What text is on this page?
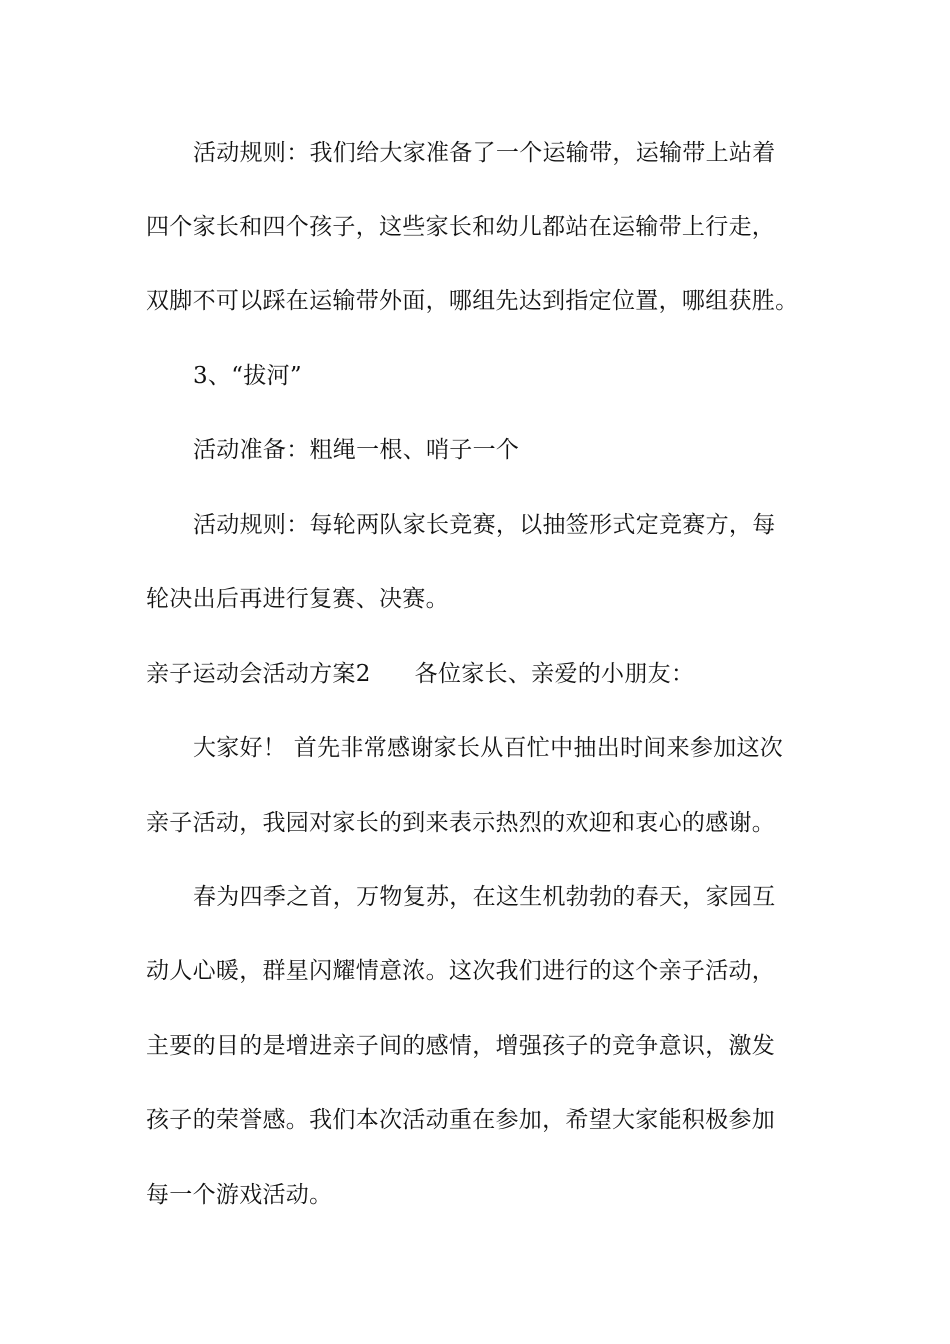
活动规则：我们给大家准备了一个运输带，运输带上站着
四个家长和四个孩子，这些家长和幼儿都站在运输带上行走，
双脚不可以踩在运输带外面，哪组先达到指定位置，哪组获胜。
3、“拔河”
活动准备：粗绳一根、哨子一个
活动规则：每轮两队家长竞赛，以抽签形式定竞赛方，每
轮决出后再进行复赛、决赛。
亲子运动会活动方案2 各位家长、亲爱的小朋友：
大家好！ 首先非常感谢家长从百忙中抽出时间来参加这次
亲子活动，我园对家长的到来表示热烈的欢迎和衷心的感谢。
春为四季之首，万物复苏，在这生机勃勃的春天，家园互
动人心暖，群星闪耀情意浓。这次我们进行的这个亲子活动，
主要的目的是增进亲子间的感情，增强孩子的竞争意识，激发
孩子的荣誉感。我们本次活动重在参加，希望大家能积极参加
每一个游戏活动。
